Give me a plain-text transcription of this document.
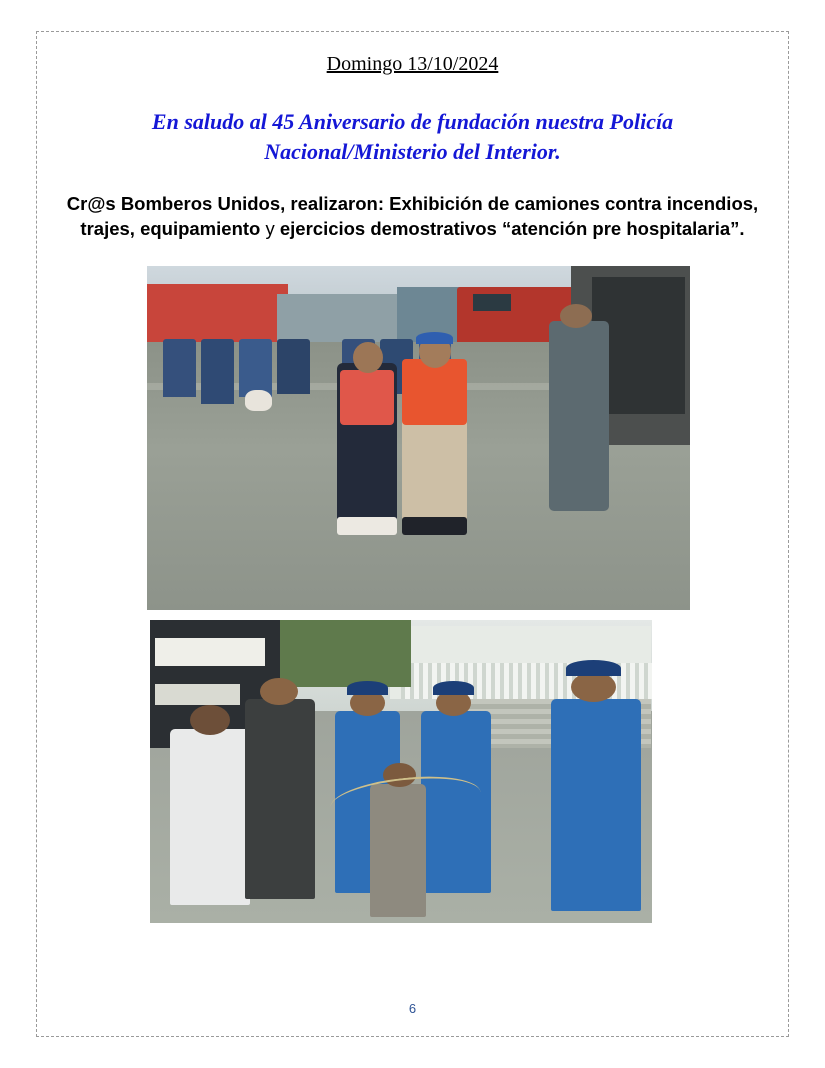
Domingo 13/10/2024

En saludo al 45 Aniversario de fundación nuestra Policía Nacional/Ministerio del Interior.

Cr@s Bomberos Unidos, realizaron: Exhibición de camiones contra incendios, trajes, equipamiento y ejercicios demostrativos “atención pre hospitalaria”.

6
